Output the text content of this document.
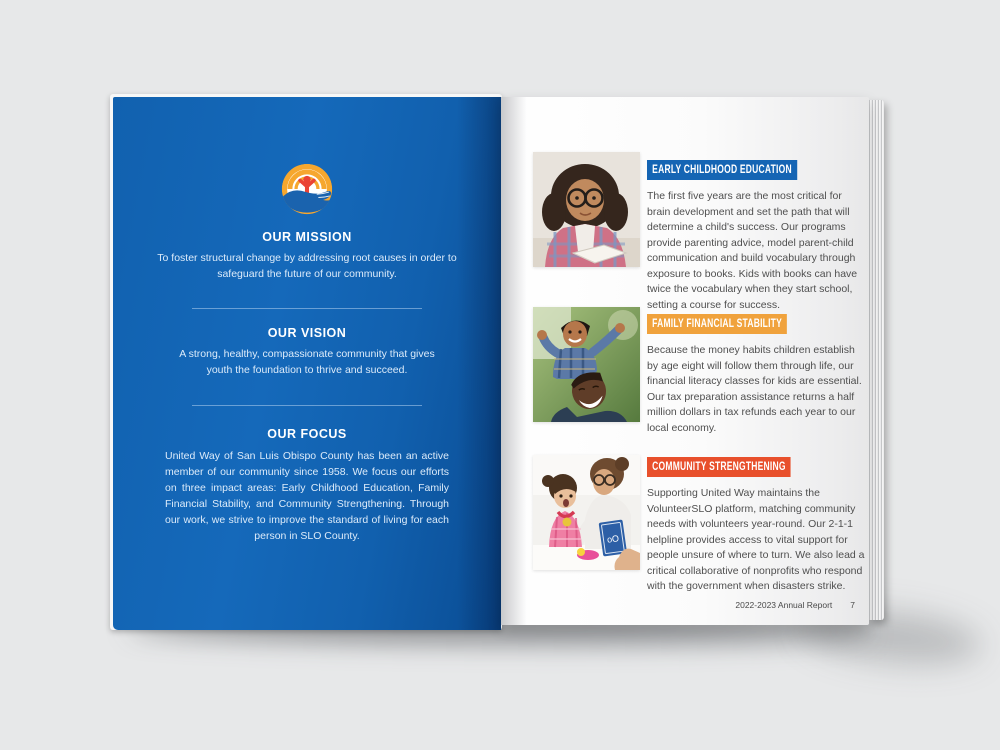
OUR MISSION
To foster structural change by addressing root causes in order to safeguard the future of our community.
OUR VISION
A strong, healthy, compassionate community that gives youth the foundation to thrive and succeed.
OUR FOCUS
United Way of San Luis Obispo County has been an active member of our community since 1958. We focus our efforts on three impact areas: Early Childhood Education, Family Financial Stability, and Community Strengthening. Through our work, we strive to improve the standard of living for each person in SLO County.
EARLY CHILDHOOD EDUCATION
The first five years are the most critical for brain development and set the path that will determine a child's success. Our programs provide parenting advice, model parent-child communication and build vocabulary through exposure to books. Kids with books can have twice the vocabulary when they start school, setting a course for success.
FAMILY FINANCIAL STABILITY
Because the money habits children establish by age eight will follow them through life, our financial literacy classes for kids are essential. Our tax preparation assistance returns a half million dollars in tax refunds each year to our local economy.
oO
COMMUNITY STRENGTHENING
Supporting United Way maintains the VolunteerSLO platform, matching community needs with volunteers year-round. Our 2-1-1 helpline provides access to vital support for people unsure of where to turn. We also lead a critical collaborative of nonprofits who respond with the government when disasters strike.
2022-2023 Annual Report 7
